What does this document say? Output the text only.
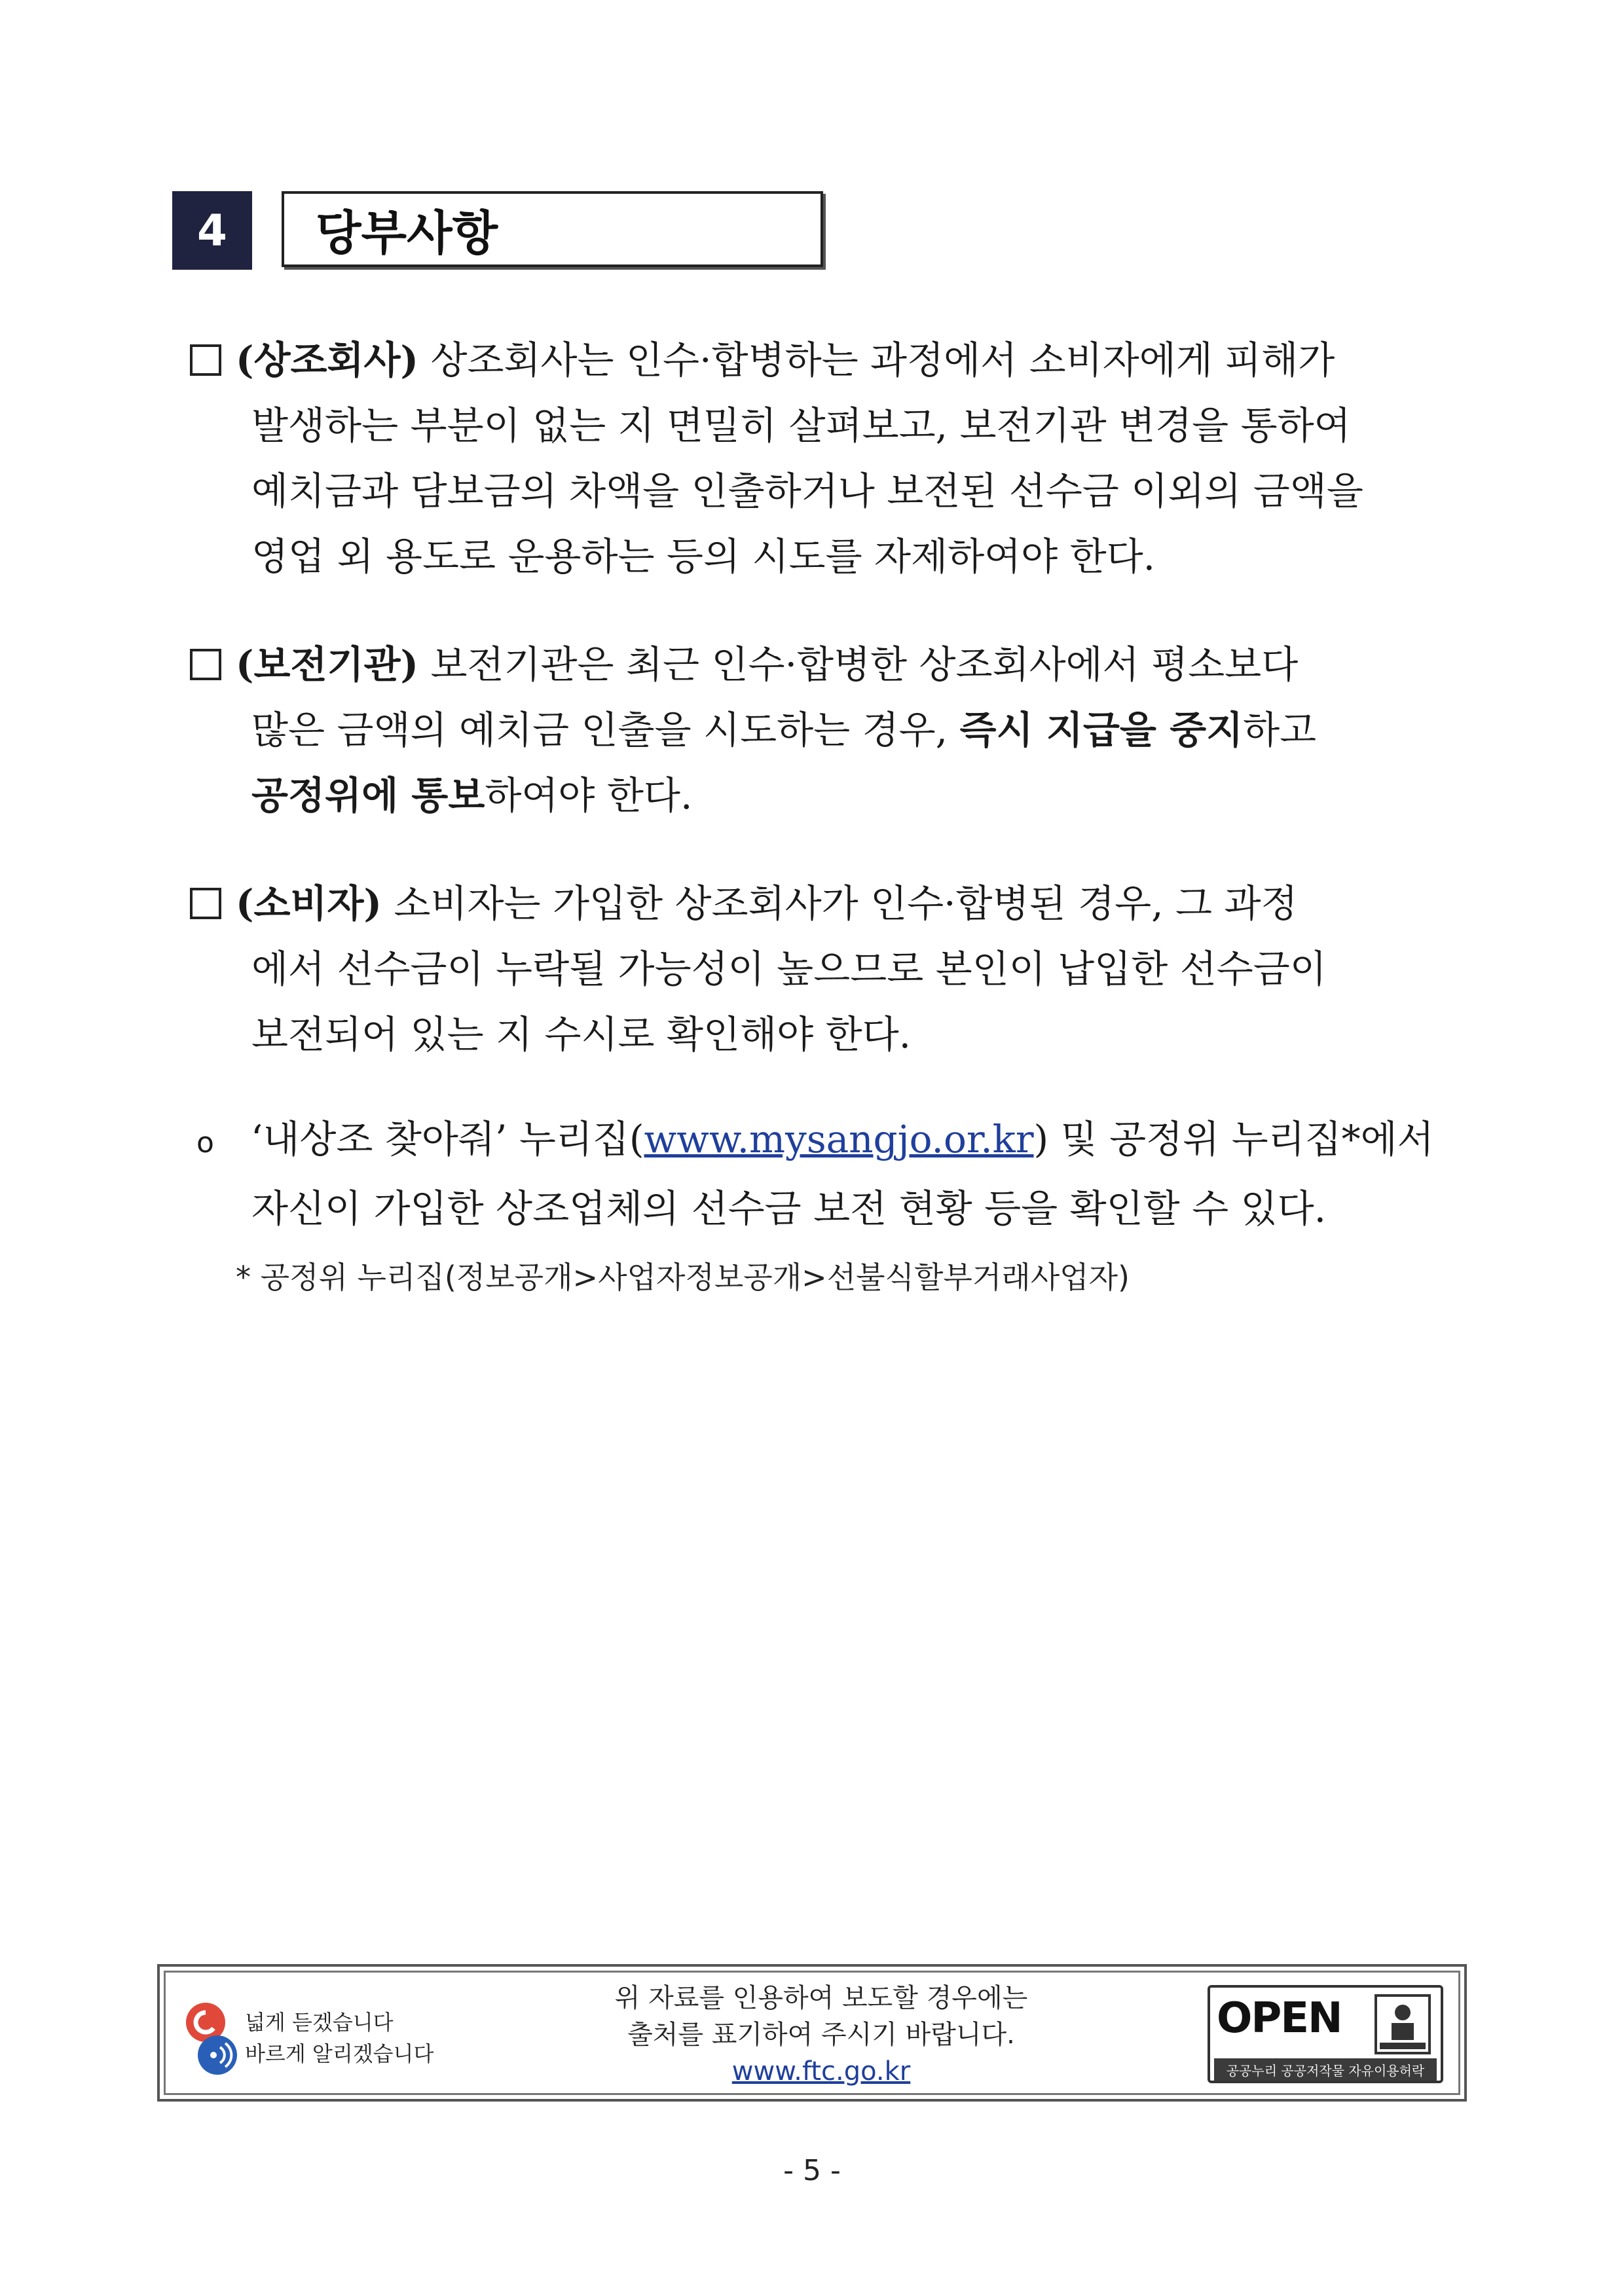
4	당부사항
(상조회사) 상조회사는 인수·합병하는 과정에서 소비자에게 피해가
발생하는 부분이 없는 지 면밀히 살펴보고, 보전기관 변경을 통하여
예치금과 담보금의 차액을 인출하거나 보전된 선수금 이외의 금액을
영업 외 용도로 운용하는 등의 시도를 자제하여야 한다.
(보전기관) 보전기관은 최근 인수·합병한 상조회사에서 평소보다
많은 금액의 예치금 인출을 시도하는 경우, 즉시 지급을 중지하고
공정위에 통보하여야 한다.
(소비자) 소비자는 가입한 상조회사가 인수·합병된 경우, 그 과정
에서 선수금이 누락될 가능성이 높으므로 본인이 납입한 선수금이
보전되어 있는 지 수시로 확인해야 한다.
o ‘내상조 찾아줘’ 누리집(www.mysangjo.or.kr) 및 공정위 누리집*에서
자신이 가입한 상조업체의 선수금 보전 현황 등을 확인할 수 있다.
* 공정위 누리집(정보공개>사업자정보공개>선불식할부거래사업자)
넓게 듣겠습니다
바르게 알리겠습니다
위 자료를 인용하여 보도할 경우에는
출처를 표기하여 주시기 바랍니다.
www.ftc.go.kr
OPEN
공공누리 공공저작물 자유이용허락
- 5 -
